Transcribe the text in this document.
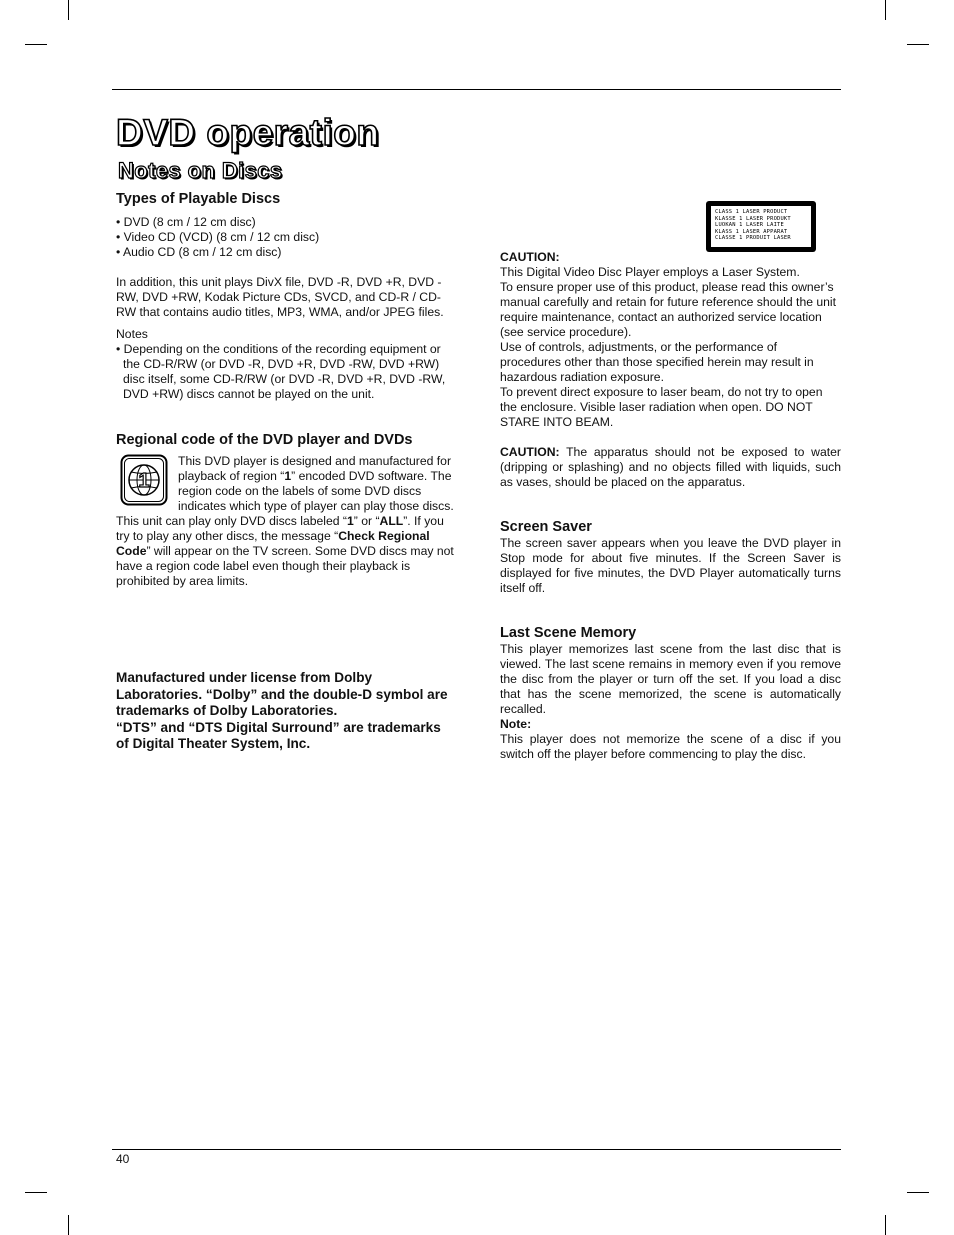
DVD operation
Notes on Discs
Types of Playable Discs

• DVD (8 cm / 12 cm disc)

• Video CD (VCD) (8 cm / 12 cm disc)

• Audio CD (8 cm / 12 cm disc)

In addition, this unit plays DivX file, DVD -R, DVD +R, DVD -RW, DVD +RW, Kodak Picture CDs, SVCD, and CD-R / CD-RW that contains audio titles, MP3, WMA, and/or JPEG files.

Notes

• Depending on the conditions of the recording equipment or the CD-R/RW (or DVD -R, DVD +R, DVD -RW, DVD +RW) disc itself, some CD-R/RW (or DVD -R, DVD +R, DVD -RW, DVD +RW) discs cannot be played on the unit.

Regional code of the DVD player and DVDs
1

This DVD player is designed and manufactured for playback of region “1” encoded DVD software. The region code on the labels of some DVD discs indicates which type of player can play those discs. This unit can play only DVD discs labeled “1” or “ALL”. If you try to play any other discs, the message “Check Regional Code” will appear on the TV screen. Some DVD discs may not have a region code label even though their playback is prohibited by area limits.

Manufactured under license from Dolby Laboratories. “Dolby” and the double-D symbol are trademarks of Dolby Laboratories.

“DTS” and “DTS Digital Surround” are trademarks of Digital Theater System, Inc.

CLASS 1 LASER PRODUCT
KLASSE 1 LASER PRODUKT
LUOKAN 1 LASER LAITE
KLASS 1 LASER APPARAT
CLASSE 1 PRODUIT LASER

CAUTION:

This Digital Video Disc Player employs a Laser System.

To ensure proper use of this product, please read this owner’s manual carefully and retain for future reference should the unit require maintenance, contact an authorized service location (see service procedure).

Use of controls, adjustments, or the performance of procedures other than those specified herein may result in hazardous radiation exposure.

To prevent direct exposure to laser beam, do not try to open the enclosure. Visible laser radiation when open. DO NOT STARE INTO BEAM.

CAUTION: The apparatus should not be exposed to water (dripping or splashing) and no objects filled with liquids, such as vases, should be placed on the apparatus.

Screen Saver

The screen saver appears when you leave the DVD player in Stop mode for about five minutes. If the Screen Saver is displayed for five minutes, the DVD Player automatically turns itself off.

Last Scene Memory

This player memorizes last scene from the last disc that is viewed. The last scene remains in memory even if you remove the disc from the player or turn off the set. If you load a disc that has the scene memorized, the scene is automatically recalled.

Note:

This player does not memorize the scene of a disc if you switch off the player before commencing to play the disc.

40
